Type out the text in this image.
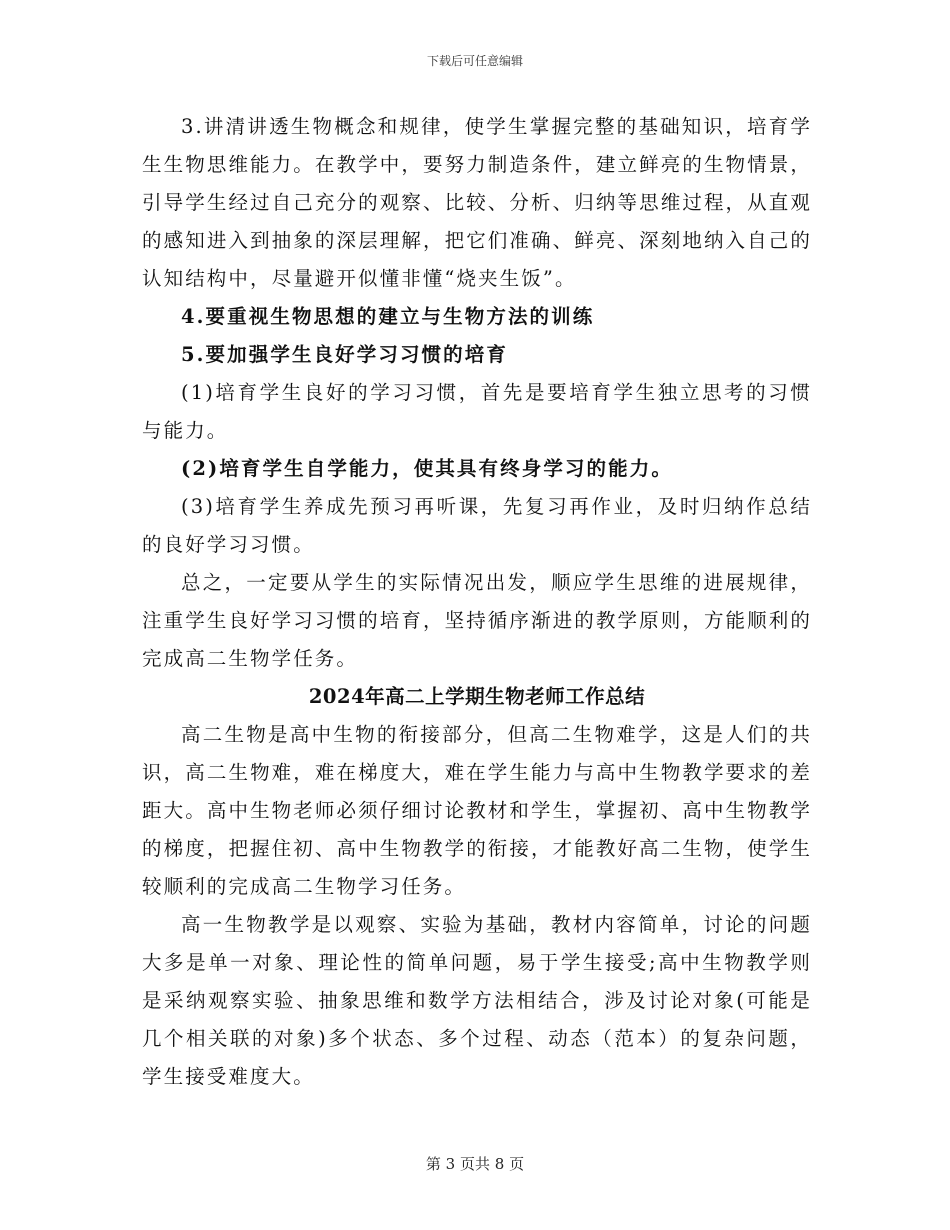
下载后可任意编辑

3.讲清讲透生物概念和规律，使学生掌握完整的基础知识，培育学生生物思维能力。在教学中，要努力制造条件，建立鲜亮的生物情景，引导学生经过自己充分的观察、比较、分析、归纳等思维过程，从直观的感知进入到抽象的深层理解，把它们准确、鲜亮、深刻地纳入自己的认知结构中，尽量避开似懂非懂“烧夹生饭”。

4.要重视生物思想的建立与生物方法的训练

5.要加强学生良好学习习惯的培育

(1)培育学生良好的学习习惯，首先是要培育学生独立思考的习惯与能力。

(2)培育学生自学能力，使其具有终身学习的能力。

(3)培育学生养成先预习再听课，先复习再作业，及时归纳作总结的良好学习习惯。

总之，一定要从学生的实际情况出发，顺应学生思维的进展规律，注重学生良好学习习惯的培育，坚持循序渐进的教学原则，方能顺利的完成高二生物学任务。

2024年高二上学期生物老师工作总结

高二生物是高中生物的衔接部分，但高二生物难学，这是人们的共识，高二生物难，难在梯度大，难在学生能力与高中生物教学要求的差距大。高中生物老师必须仔细讨论教材和学生，掌握初、高中生物教学的梯度，把握住初、高中生物教学的衔接，才能教好高二生物，使学生较顺利的完成高二生物学习任务。

高一生物教学是以观察、实验为基础，教材内容简单，讨论的问题大多是单一对象、理论性的简单问题，易于学生接受;高中生物教学则是采纳观察实验、抽象思维和数学方法相结合，涉及讨论对象(可能是几个相关联的对象)多个状态、多个过程、动态（范本）的复杂问题，学生接受难度大。

第 3 页共 8 页
